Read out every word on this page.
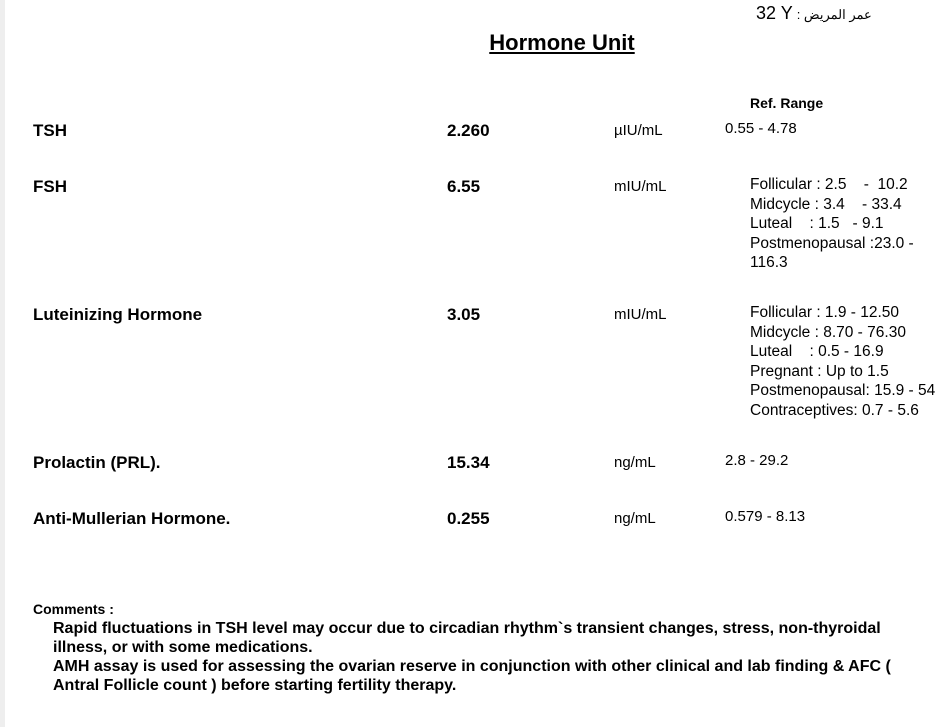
32 Y عمر المريض :
Hormone Unit
Ref. Range
TSH	2.260	µIU/mL	0.55 - 4.78
FSH	6.55	mIU/mL	Follicular : 2.5    -  10.2
Midcycle : 3.4    - 33.4
Luteal    : 1.5   - 9.1
Postmenopausal :23.0 -
116.3
Luteinizing Hormone	3.05	mIU/mL	Follicular : 1.9 - 12.50
Midcycle : 8.70 - 76.30
Luteal    : 0.5 - 16.9
Pregnant : Up to 1.5
Postmenopausal: 15.9 - 54
Contraceptives: 0.7 - 5.6
Prolactin (PRL).	15.34	ng/mL	2.8 - 29.2
Anti-Mullerian Hormone.	0.255	ng/mL	0.579 - 8.13
Comments :

Rapid fluctuations in TSH level may occur due to circadian rhythm`s transient changes, stress, non-thyroidal illness, or with some medications.

AMH assay is used for assessing the ovarian reserve in conjunction with other clinical and lab finding & AFC ( Antral Follicle count ) before starting fertility therapy.
